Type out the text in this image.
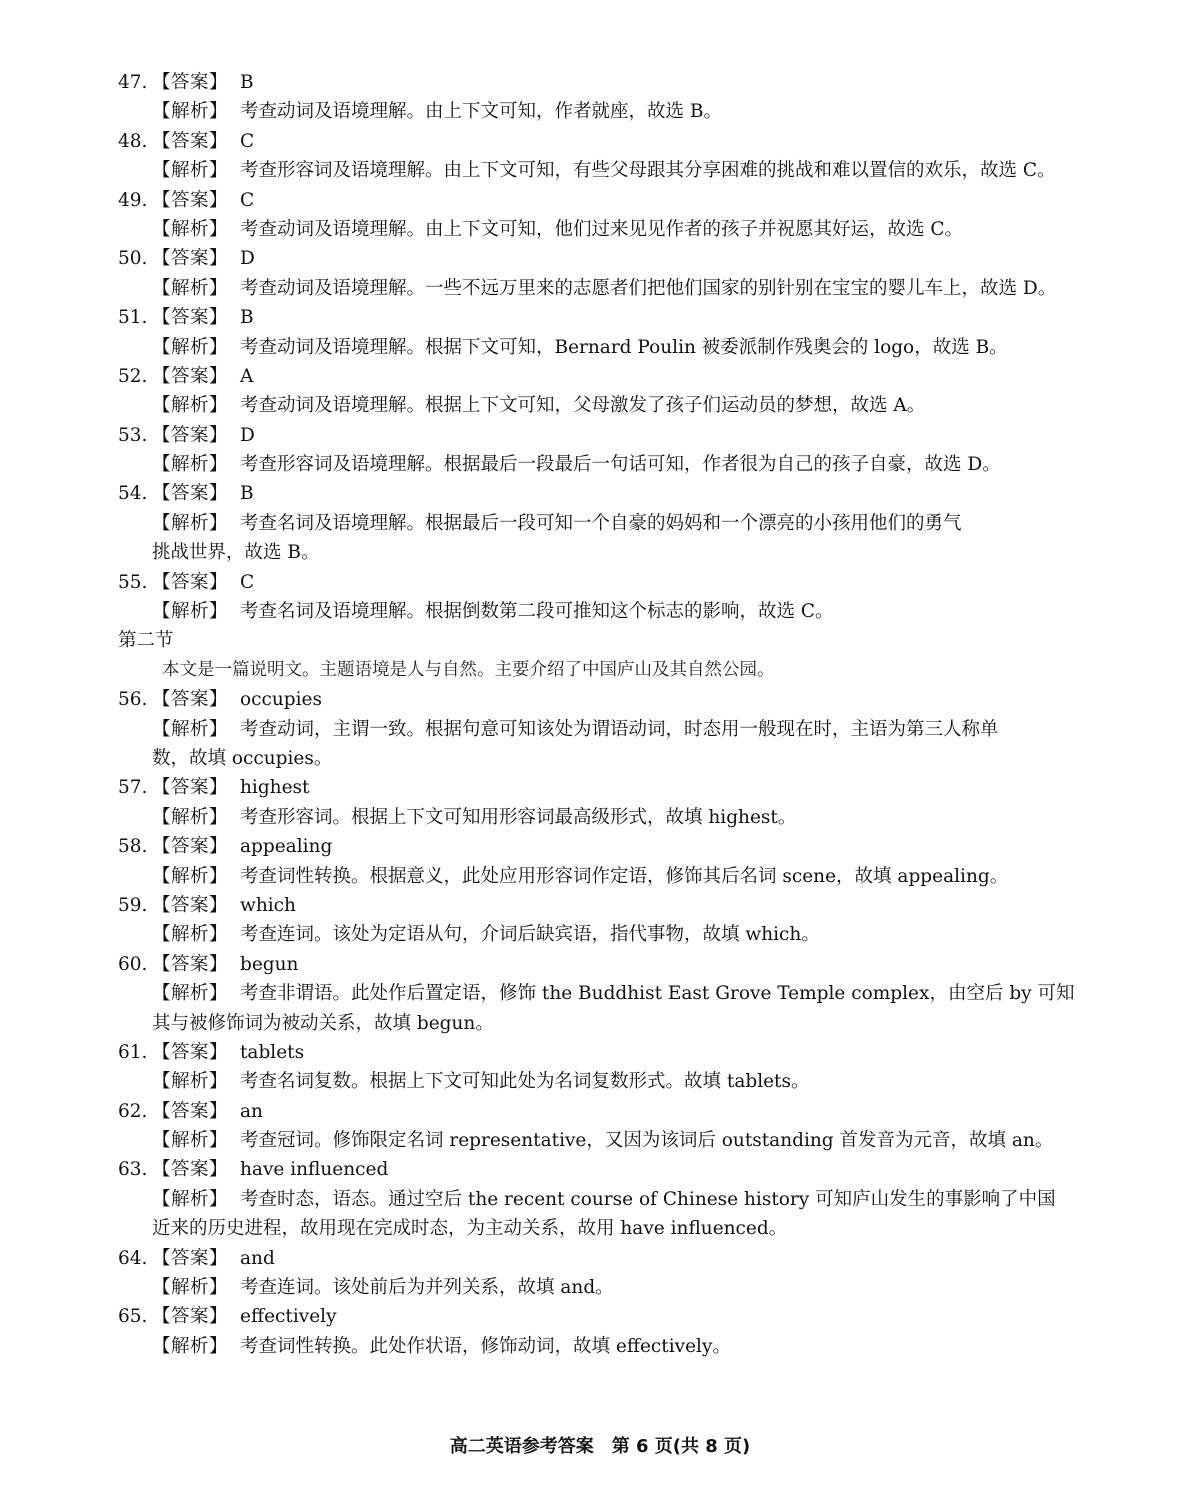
47. 【答案】 B
【解析】 考查动词及语境理解。由上下文可知，作者就座，故选 B。
48. 【答案】 C
【解析】 考查形容词及语境理解。由上下文可知，有些父母跟其分享困难的挑战和难以置信的欢乐，故选 C。
49. 【答案】 C
【解析】 考查动词及语境理解。由上下文可知，他们过来见见作者的孩子并祝愿其好运，故选 C。
50. 【答案】 D
【解析】 考查动词及语境理解。一些不远万里来的志愿者们把他们国家的别针别在宝宝的婴儿车上，故选 D。
51. 【答案】 B
【解析】 考查动词及语境理解。根据下文可知，Bernard Poulin 被委派制作残奥会的 logo，故选 B。
52. 【答案】 A
【解析】 考查动词及语境理解。根据上下文可知，父母激发了孩子们运动员的梦想，故选 A。
53. 【答案】 D
【解析】 考查形容词及语境理解。根据最后一段最后一句话可知，作者很为自己的孩子自豪，故选 D。
54. 【答案】 B
【解析】 考查名词及语境理解。根据最后一段可知一个自豪的妈妈和一个漂亮的小孩用他们的勇气
挑战世界，故选 B。
55. 【答案】 C
【解析】 考查名词及语境理解。根据倒数第二段可推知这个标志的影响，故选 C。
第二节
本文是一篇说明文。主题语境是人与自然。主要介绍了中国庐山及其自然公园。
56. 【答案】 occupies
【解析】 考查动词，主谓一致。根据句意可知该处为谓语动词，时态用一般现在时，主语为第三人称单
数，故填 occupies。
57. 【答案】 highest
【解析】 考查形容词。根据上下文可知用形容词最高级形式，故填 highest。
58. 【答案】 appealing
【解析】 考查词性转换。根据意义，此处应用形容词作定语，修饰其后名词 scene，故填 appealing。
59. 【答案】 which
【解析】 考查连词。该处为定语从句，介词后缺宾语，指代事物，故填 which。
60. 【答案】 begun
【解析】 考查非谓语。此处作后置定语，修饰 the Buddhist East Grove Temple complex，由空后 by 可知
其与被修饰词为被动关系，故填 begun。
61. 【答案】 tablets
【解析】 考查名词复数。根据上下文可知此处为名词复数形式。故填 tablets。
62. 【答案】 an
【解析】 考查冠词。修饰限定名词 representative，又因为该词后 outstanding 首发音为元音，故填 an。
63. 【答案】 have influenced
【解析】 考查时态，语态。通过空后 the recent course of Chinese history 可知庐山发生的事影响了中国
近来的历史进程，故用现在完成时态，为主动关系，故用 have influenced。
64. 【答案】 and
【解析】 考查连词。该处前后为并列关系，故填 and。
65. 【答案】 effectively
【解析】 考查词性转换。此处作状语，修饰动词，故填 effectively。
高二英语参考答案　第 6 页(共 8 页)
